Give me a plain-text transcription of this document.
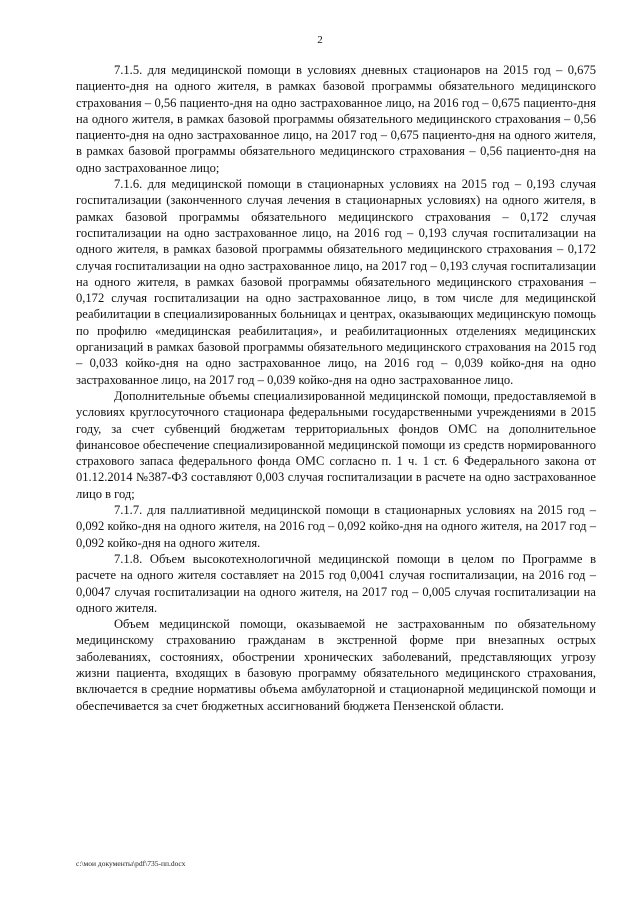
2

7.1.5. для медицинской помощи в условиях дневных стационаров на 2015 год – 0,675 пациенто-дня на одного жителя, в рамках базовой программы обязательного медицинского страхования – 0,56 пациенто-дня на одно застрахованное лицо, на 2016 год – 0,675 пациенто-дня на одного жителя, в рамках базовой программы обязательного медицинского страхования – 0,56 пациенто-дня на одно застрахованное лицо, на 2017 год – 0,675 пациенто-дня на одного жителя, в рамках базовой программы обязательного медицинского страхования – 0,56 пациенто-дня на одно застрахованное лицо;

7.1.6. для медицинской помощи в стационарных условиях на 2015 год – 0,193 случая госпитализации (законченного случая лечения в стационарных условиях) на одного жителя, в рамках базовой программы обязательного медицинского страхования – 0,172 случая госпитализации на одно застрахованное лицо, на 2016 год – 0,193 случая госпитализации на одного жителя, в рамках базовой программы обязательного медицинского страхования – 0,172 случая госпитализации на одно застрахованное лицо, на 2017 год – 0,193 случая госпитализации на одного жителя, в рамках базовой программы обязательного медицинского страхования – 0,172 случая госпитализации на одно застрахованное лицо, в том числе для медицинской реабилитации в специализированных больницах и центрах, оказывающих медицинскую помощь по профилю «медицинская реабилитация», и реабилитационных отделениях медицинских организаций в рамках базовой программы обязательного медицинского страхования на 2015 год – 0,033 койко-дня на одно застрахованное лицо, на 2016 год – 0,039 койко-дня на одно застрахованное лицо, на 2017 год – 0,039 койко-дня на одно застрахованное лицо.

Дополнительные объемы специализированной медицинской помощи, предоставляемой в условиях круглосуточного стационара федеральными государственными учреждениями в 2015 году, за счет субвенций бюджетам территориальных фондов ОМС на дополнительное финансовое обеспечение специализированной медицинской помощи из средств нормированного страхового запаса федерального фонда ОМС согласно п. 1 ч. 1 ст. 6 Федерального закона от 01.12.2014 №387-ФЗ составляют 0,003 случая госпитализации в расчете на одно застрахованное лицо в год;

7.1.7. для паллиативной медицинской помощи в стационарных условиях на 2015 год – 0,092 койко-дня на одного жителя, на 2016 год – 0,092 койко-дня на одного жителя, на 2017 год – 0,092 койко-дня на одного жителя.

7.1.8. Объем высокотехнологичной медицинской помощи в целом по Программе в расчете на одного жителя составляет на 2015 год 0,0041 случая госпитализации, на 2016 год – 0,0047 случая госпитализации на одного жителя, на 2017 год – 0,005 случая госпитализации на одного жителя.

Объем медицинской помощи, оказываемой не застрахованным по обязательному медицинскому страхованию гражданам в экстренной форме при внезапных острых заболеваниях, состояниях, обострении хронических заболеваний, представляющих угрозу жизни пациента, входящих в базовую программу обязательного медицинского страхования, включается в средние нормативы объема амбулаторной и стационарной медицинской помощи и обеспечивается за счет бюджетных ассигнований бюджета Пензенской области.

c:\мои документы\pdf\735-пп.docx
